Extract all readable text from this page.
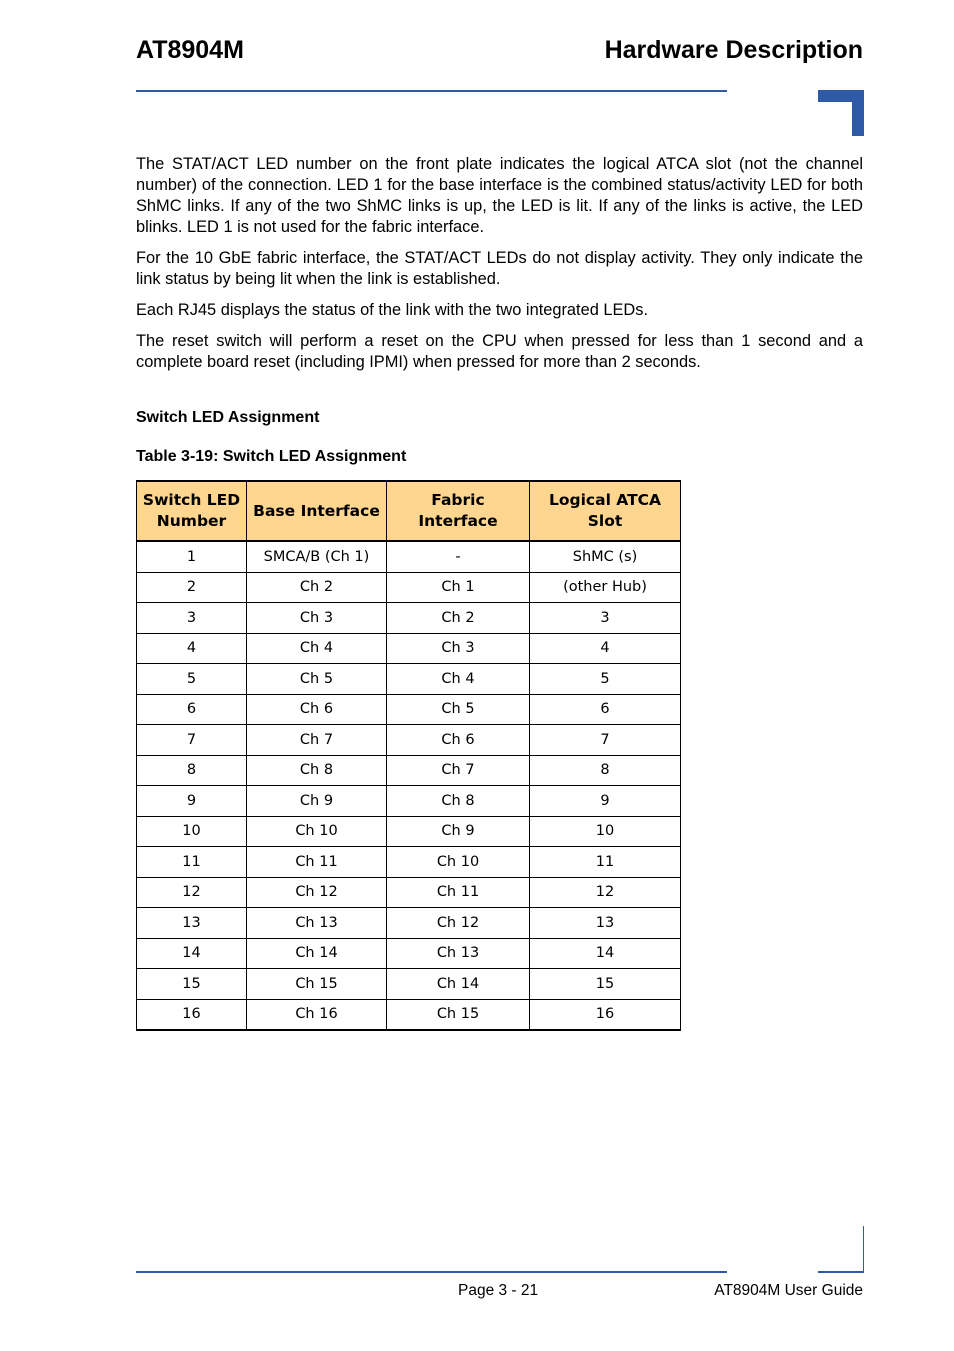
AT8904M	Hardware Description

The STAT/ACT LED number on the front plate indicates the logical ATCA slot (not the channel number) of the connection. LED 1 for the base interface is the combined status/activity LED for both ShMC links. If any of the two ShMC links is up, the LED is lit. If any of the links is active, the LED blinks. LED 1 is not used for the fabric interface.

For the 10 GbE fabric interface, the STAT/ACT LEDs do not display activity. They only indicate the link status by being lit when the link is established.

Each RJ45 displays the status of the link with the two integrated LEDs.

The reset switch will perform a reset on the CPU when pressed for less than 1 second and a complete board reset (including IPMI) when pressed for more than 2 seconds.

Switch LED Assignment
Table 3-19: Switch LED Assignment
Switch LED
Number	Base Interface	Fabric Interface	Logical ATCA
Slot
1	SMCA/B (Ch 1)	-	ShMC (s)
2	Ch 2	Ch 1	(other Hub)
3	Ch 3	Ch 2	3
4	Ch 4	Ch 3	4
5	Ch 5	Ch 4	5
6	Ch 6	Ch 5	6
7	Ch 7	Ch 6	7
8	Ch 8	Ch 7	8
9	Ch 9	Ch 8	9
10	Ch 10	Ch 9	10
11	Ch 11	Ch 10	11
12	Ch 12	Ch 11	12
13	Ch 13	Ch 12	13
14	Ch 14	Ch 13	14
15	Ch 15	Ch 14	15
16	Ch 16	Ch 15	16
Page 3 - 21	AT8904M User Guide
